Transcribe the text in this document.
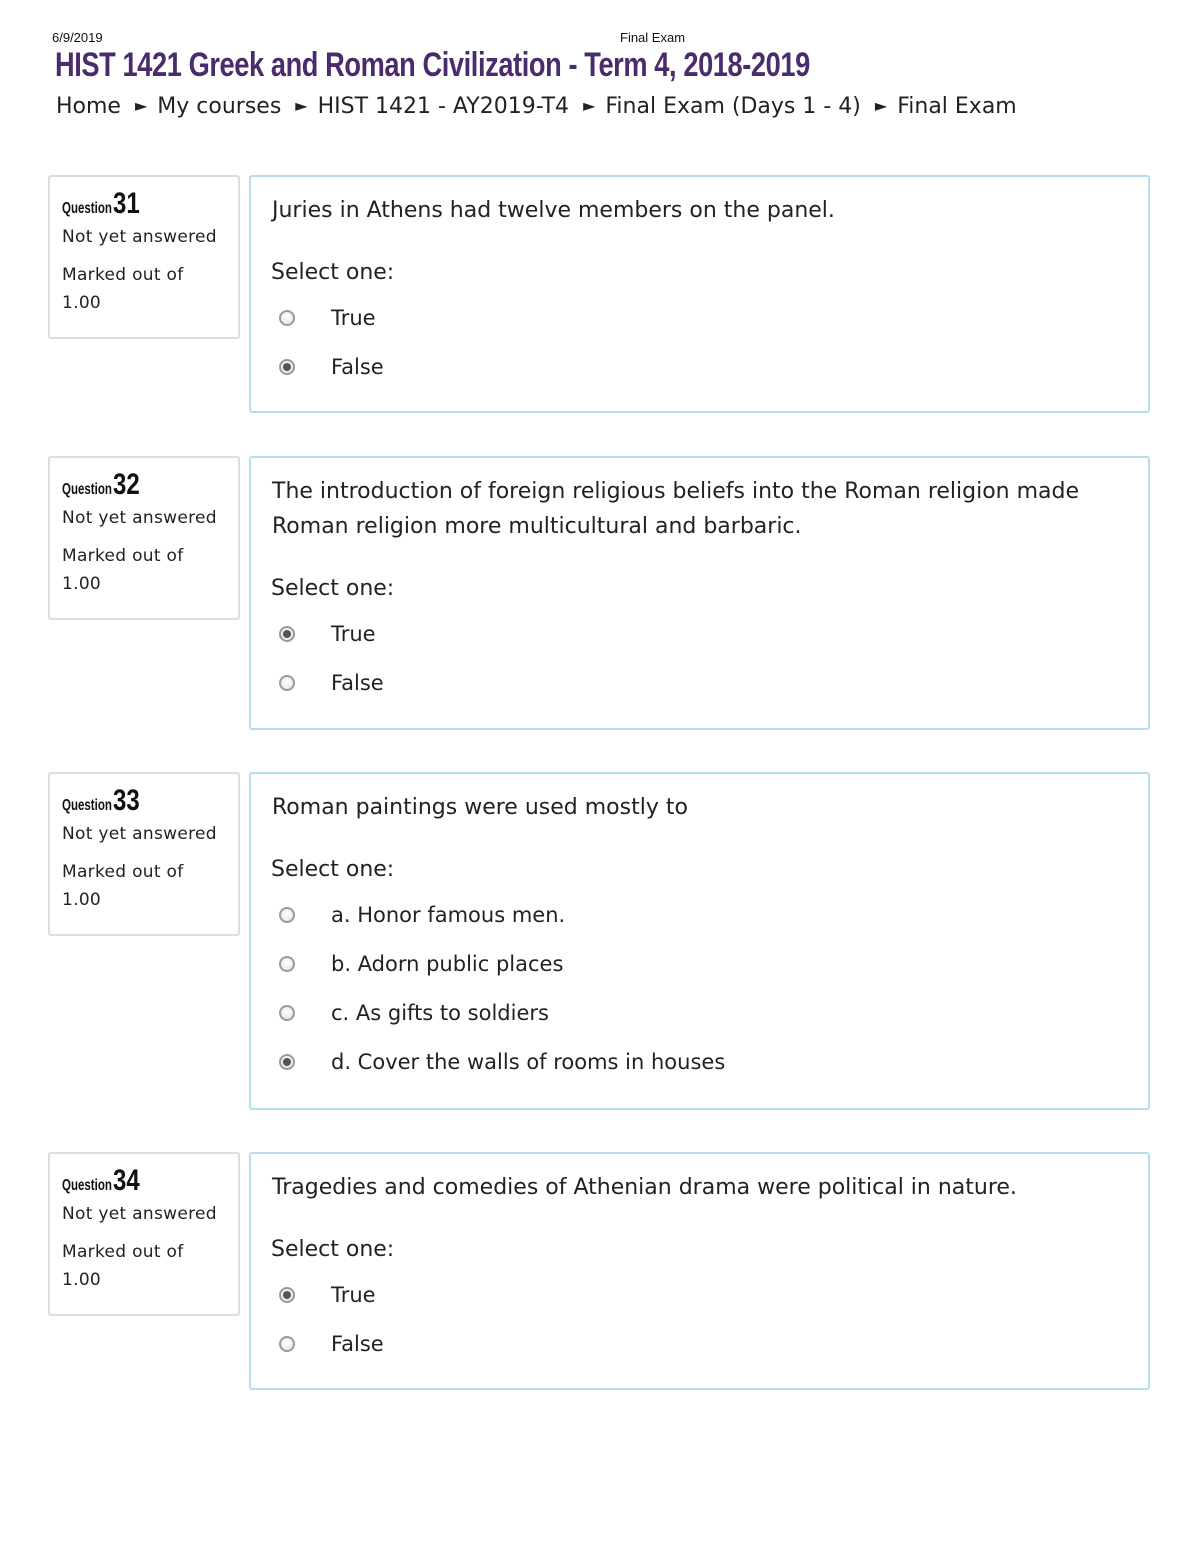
6/9/2019	Final Exam
HIST 1421 Greek and Roman Civilization - Term 4, 2018-2019
Home ► My courses ► HIST 1421 - AY2019-T4 ► Final Exam (Days 1 - 4) ► Final Exam
Question31
Not yet answered
Marked out of
1.00
Juries in Athens had twelve members on the panel.
Select one:
True
False
Question32
Not yet answered
Marked out of
1.00
The introduction of foreign religious beliefs into the Roman religion made Roman religion more multicultural and barbaric.
Select one:
True
False
Question33
Not yet answered
Marked out of
1.00
Roman paintings were used mostly to
Select one:
a. Honor famous men.
b. Adorn public places
c. As gifts to soldiers
d. Cover the walls of rooms in houses
Question34
Not yet answered
Marked out of
1.00
Tragedies and comedies of Athenian drama were political in nature.
Select one:
True
False
